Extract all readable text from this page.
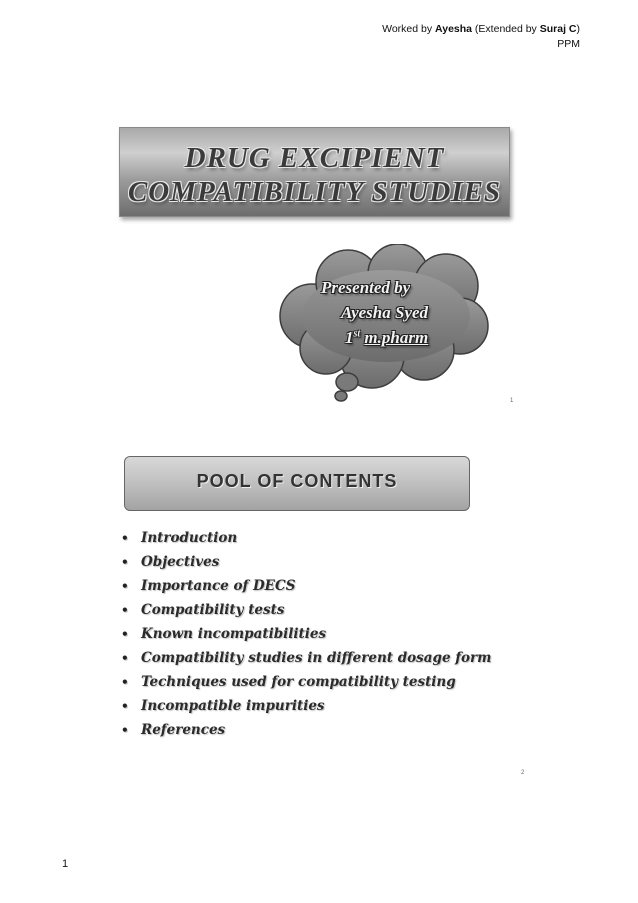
Worked by Ayesha (Extended by Suraj C)
PPM
DRUG EXCIPIENT
COMPATIBILITY STUDIES
Presented by
Ayesha Syed
1st m.pharm
1
POOL OF CONTENTS
• Introduction
• Objectives
• Importance of DECS
• Compatibility tests
• Known incompatibilities
• Compatibility studies in different dosage form
• Techniques used for compatibility testing
• Incompatible impurities
• References
2
1
